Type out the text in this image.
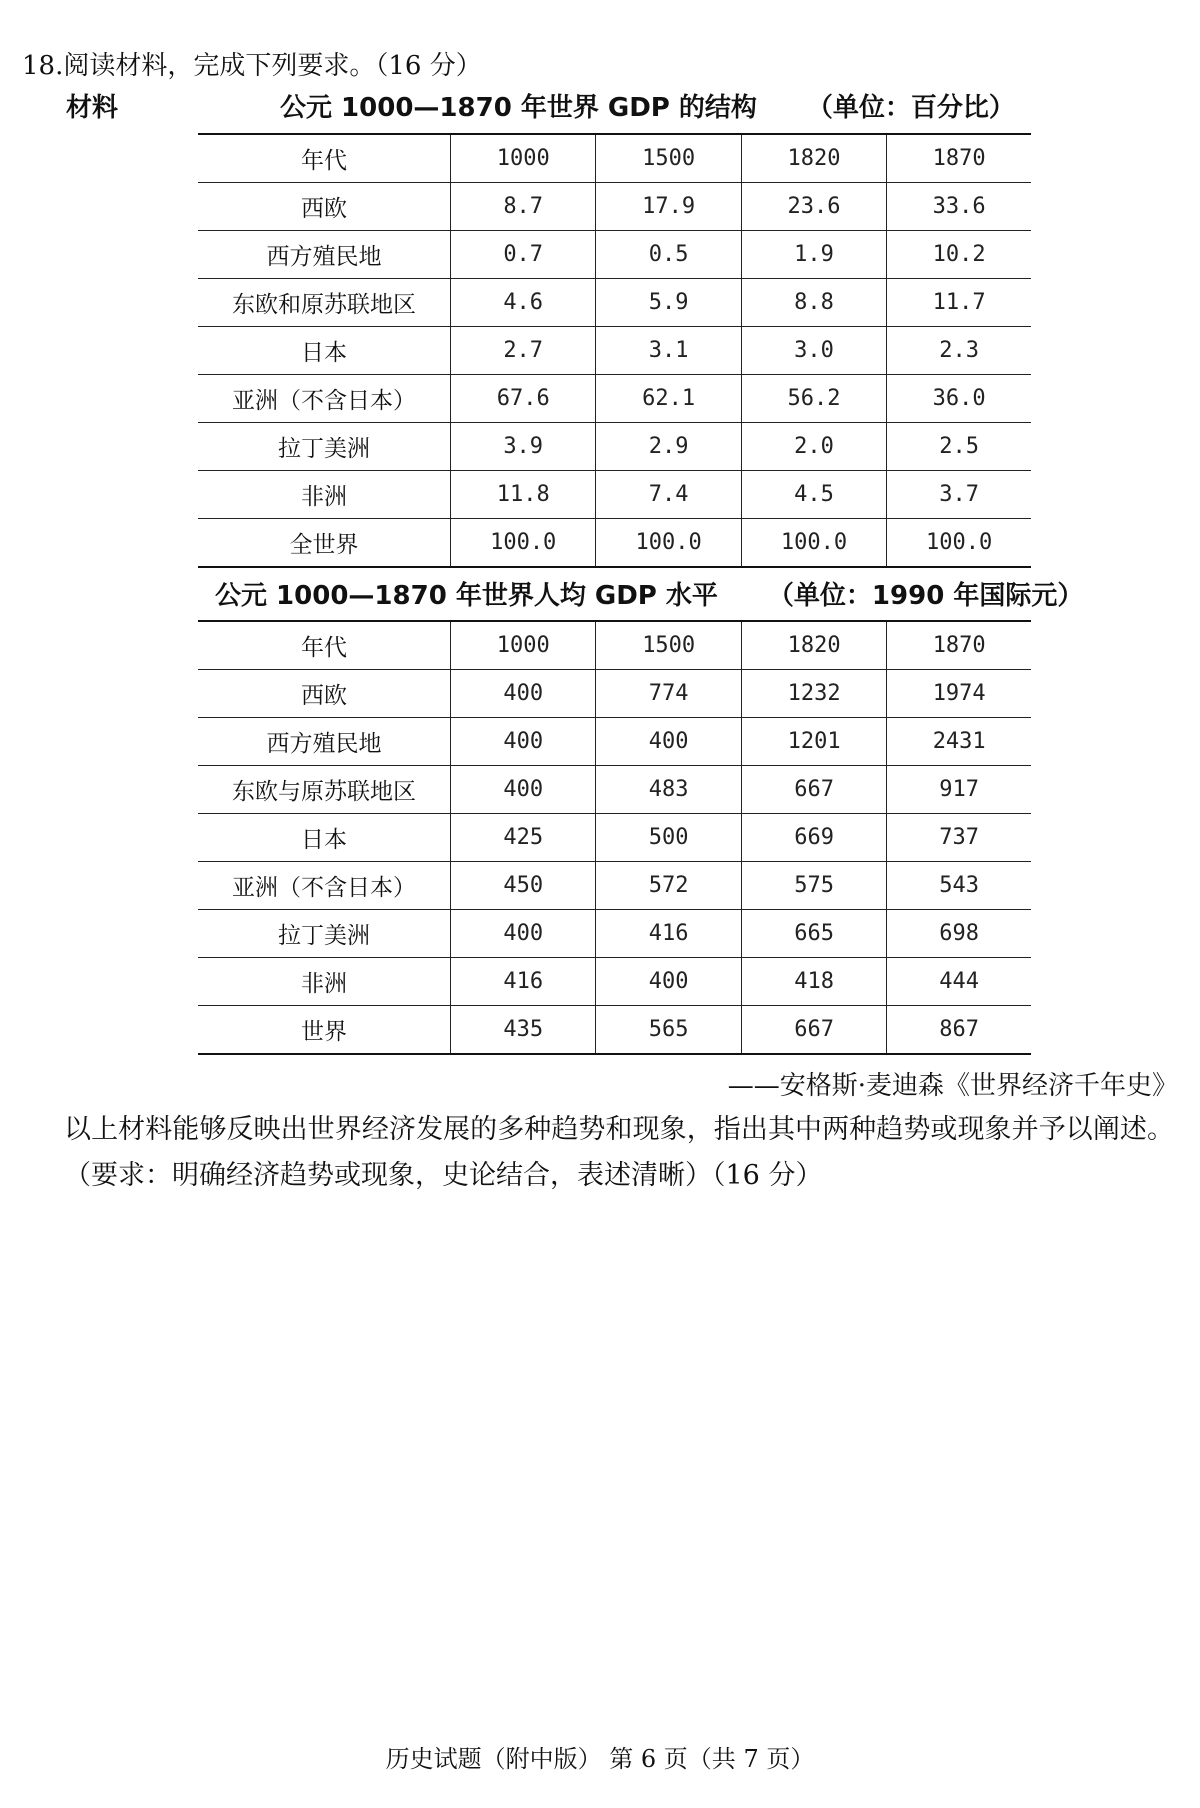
18.阅读材料，完成下列要求。（16 分）
材料	公元 1000—1870 年世界 GDP 的结构 （单位：百分比）
年代	1000	1500	1820	1870
西欧	8.7	17.9	23.6	33.6
西方殖民地	0.7	0.5	1.9	10.2
东欧和原苏联地区	4.6	5.9	8.8	11.7
日本	2.7	3.1	3.0	2.3
亚洲（不含日本）	67.6	62.1	56.2	36.0
拉丁美洲	3.9	2.9	2.0	2.5
非洲	11.8	7.4	4.5	3.7
全世界	100.0	100.0	100.0	100.0
公元 1000—1870 年世界人均 GDP 水平 （单位：1990 年国际元）
年代	1000	1500	1820	1870
西欧	400	774	1232	1974
西方殖民地	400	400	1201	2431
东欧与原苏联地区	400	483	667	917
日本	425	500	669	737
亚洲（不含日本）	450	572	575	543
拉丁美洲	400	416	665	698
非洲	416	400	418	444
世界	435	565	667	867
——安格斯·麦迪森《世界经济千年史》
以上材料能够反映出世界经济发展的多种趋势和现象，指出其中两种趋势或现象并予以阐述。（要求：明确经济趋势或现象，史论结合，表述清晰）（16 分）
历史试题（附中版） 第 6 页（共 7 页）
